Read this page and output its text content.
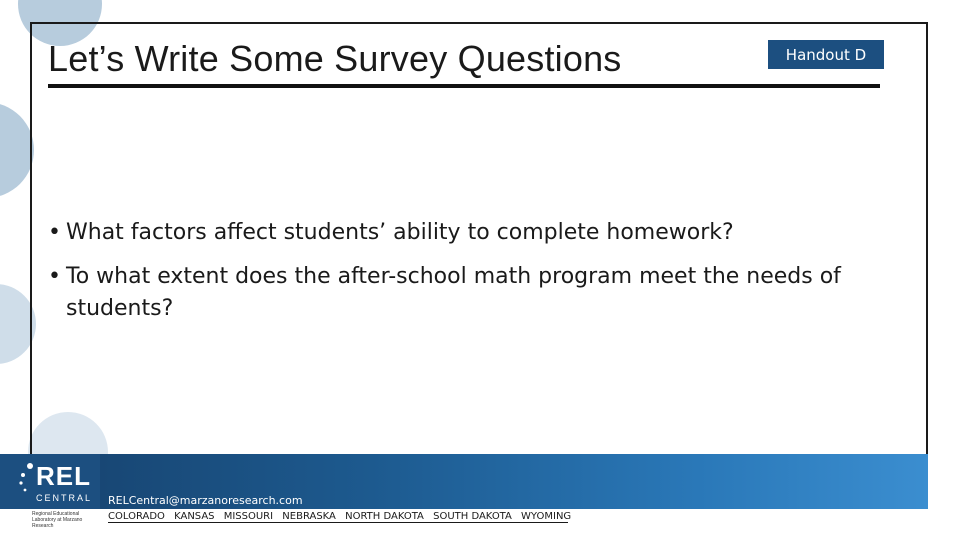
Let’s Write Some Survey Questions	Handout D
• What factors affect students’ ability to complete homework?
• To what extent does the after-school math program meet the needs of students?
REL
CENTRAL
Regional Educational Laboratory at Marzano Research
RELCentral@marzanoresearch.com
COLORADO KANSAS MISSOURI NEBRASKA NORTH DAKOTA SOUTH DAKOTA WYOMING
